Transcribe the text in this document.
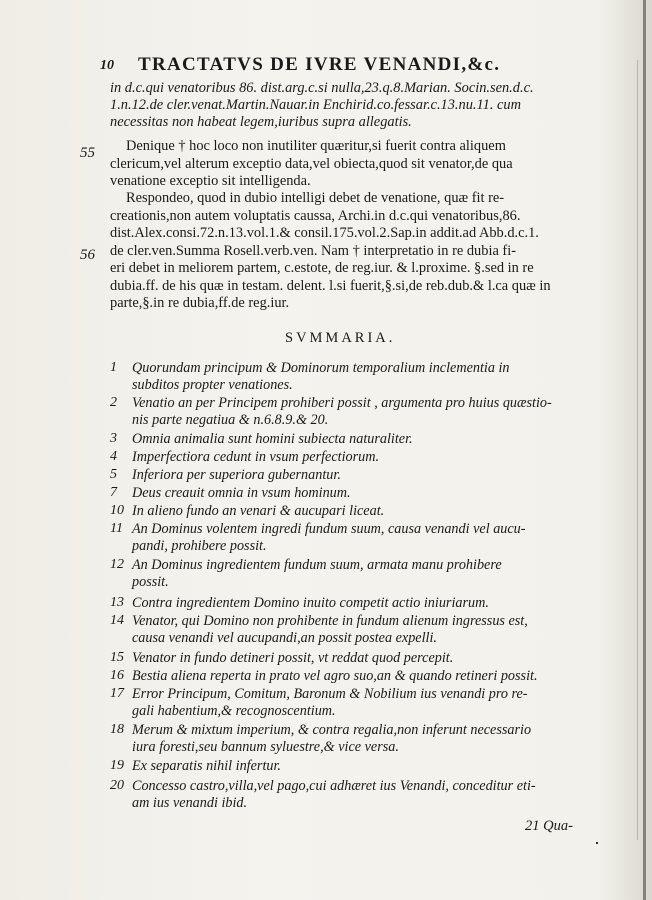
10 TRACTATVS DE IVRE VENANDI,&c.
in d.c.qui venatoribus 86. dist.arg.c.si nulla,23.q.8.Marian. Socin.sen.d.c.
1.n.12.de cler.venat.Martin.Nauar.in Enchirid.co.fessar.c.13.nu.11. cum
necessitas non habeat legem,iuribus supra allegatis.
Denique † hoc loco non inutiliter quæritur,si fuerit contra aliquem
clericum,vel alterum exceptio data,vel obiecta,quod sit venator,de qua
venatione exceptio sit intelligenda.
Respondeo, quod in dubio intelligi debet de venatione, quæ fit re-
creationis,non autem voluptatis caussa, Archi.in d.c.qui venatoribus,86.
dist.Alex.consi.72.n.13.vol.1.& consil.175.vol.2.Sap.in addit.ad Abb.d.c.1.
de cler.ven.Summa Rosell.verb.ven. Nam † interpretatio in re dubia fi-
eri debet in meliorem partem, c.estote, de reg.iur. & l.proxime. §.sed in re
dubia.ff. de his quæ in testam. delent. l.si fuerit,§.si,de reb.dub.& l.ca quæ in
parte,§.in re dubia,ff.de reg.iur.
55
56
SVMMARIA.
1 Quorundam principum & Dominorum temporalium inclementia in
subditos propter venationes.
2 Venatio an per Principem prohiberi possit , argumenta pro huius quæstio-
nis parte negatiua & n.6.8.9.& 20.
3 Omnia animalia sunt homini subiecta naturaliter.
4 Imperfectiora cedunt in vsum perfectiorum.
5 Inferiora per superiora gubernantur.
7 Deus creauit omnia in vsum hominum.
10 In alieno fundo an venari & aucupari liceat.
11 An Dominus volentem ingredi fundum suum, causa venandi vel aucu-
pandi, prohibere possit.
12 An Dominus ingredientem fundum suum, armata manu prohibere
possit.
13 Contra ingredientem Domino inuito competit actio iniuriarum.
14 Venator, qui Domino non prohibente in fundum alienum ingressus est,
causa venandi vel aucupandi,an possit postea expelli.
15 Venator in fundo detineri possit, vt reddat quod percepit.
16 Bestia aliena reperta in prato vel agro suo,an & quando retineri possit.
17 Error Principum, Comitum, Baronum & Nobilium ius venandi pro re-
gali habentium,& recognoscentium.
18 Merum & mixtum imperium, & contra regalia,non inferunt necessario
iura foresti,seu bannum syluestre,& vice versa.
19 Ex separatis nihil infertur.
20 Concesso castro,villa,vel pago,cui adhæret ius Venandi, conceditur eti-
am ius venandi ibid.
21 Qua-
